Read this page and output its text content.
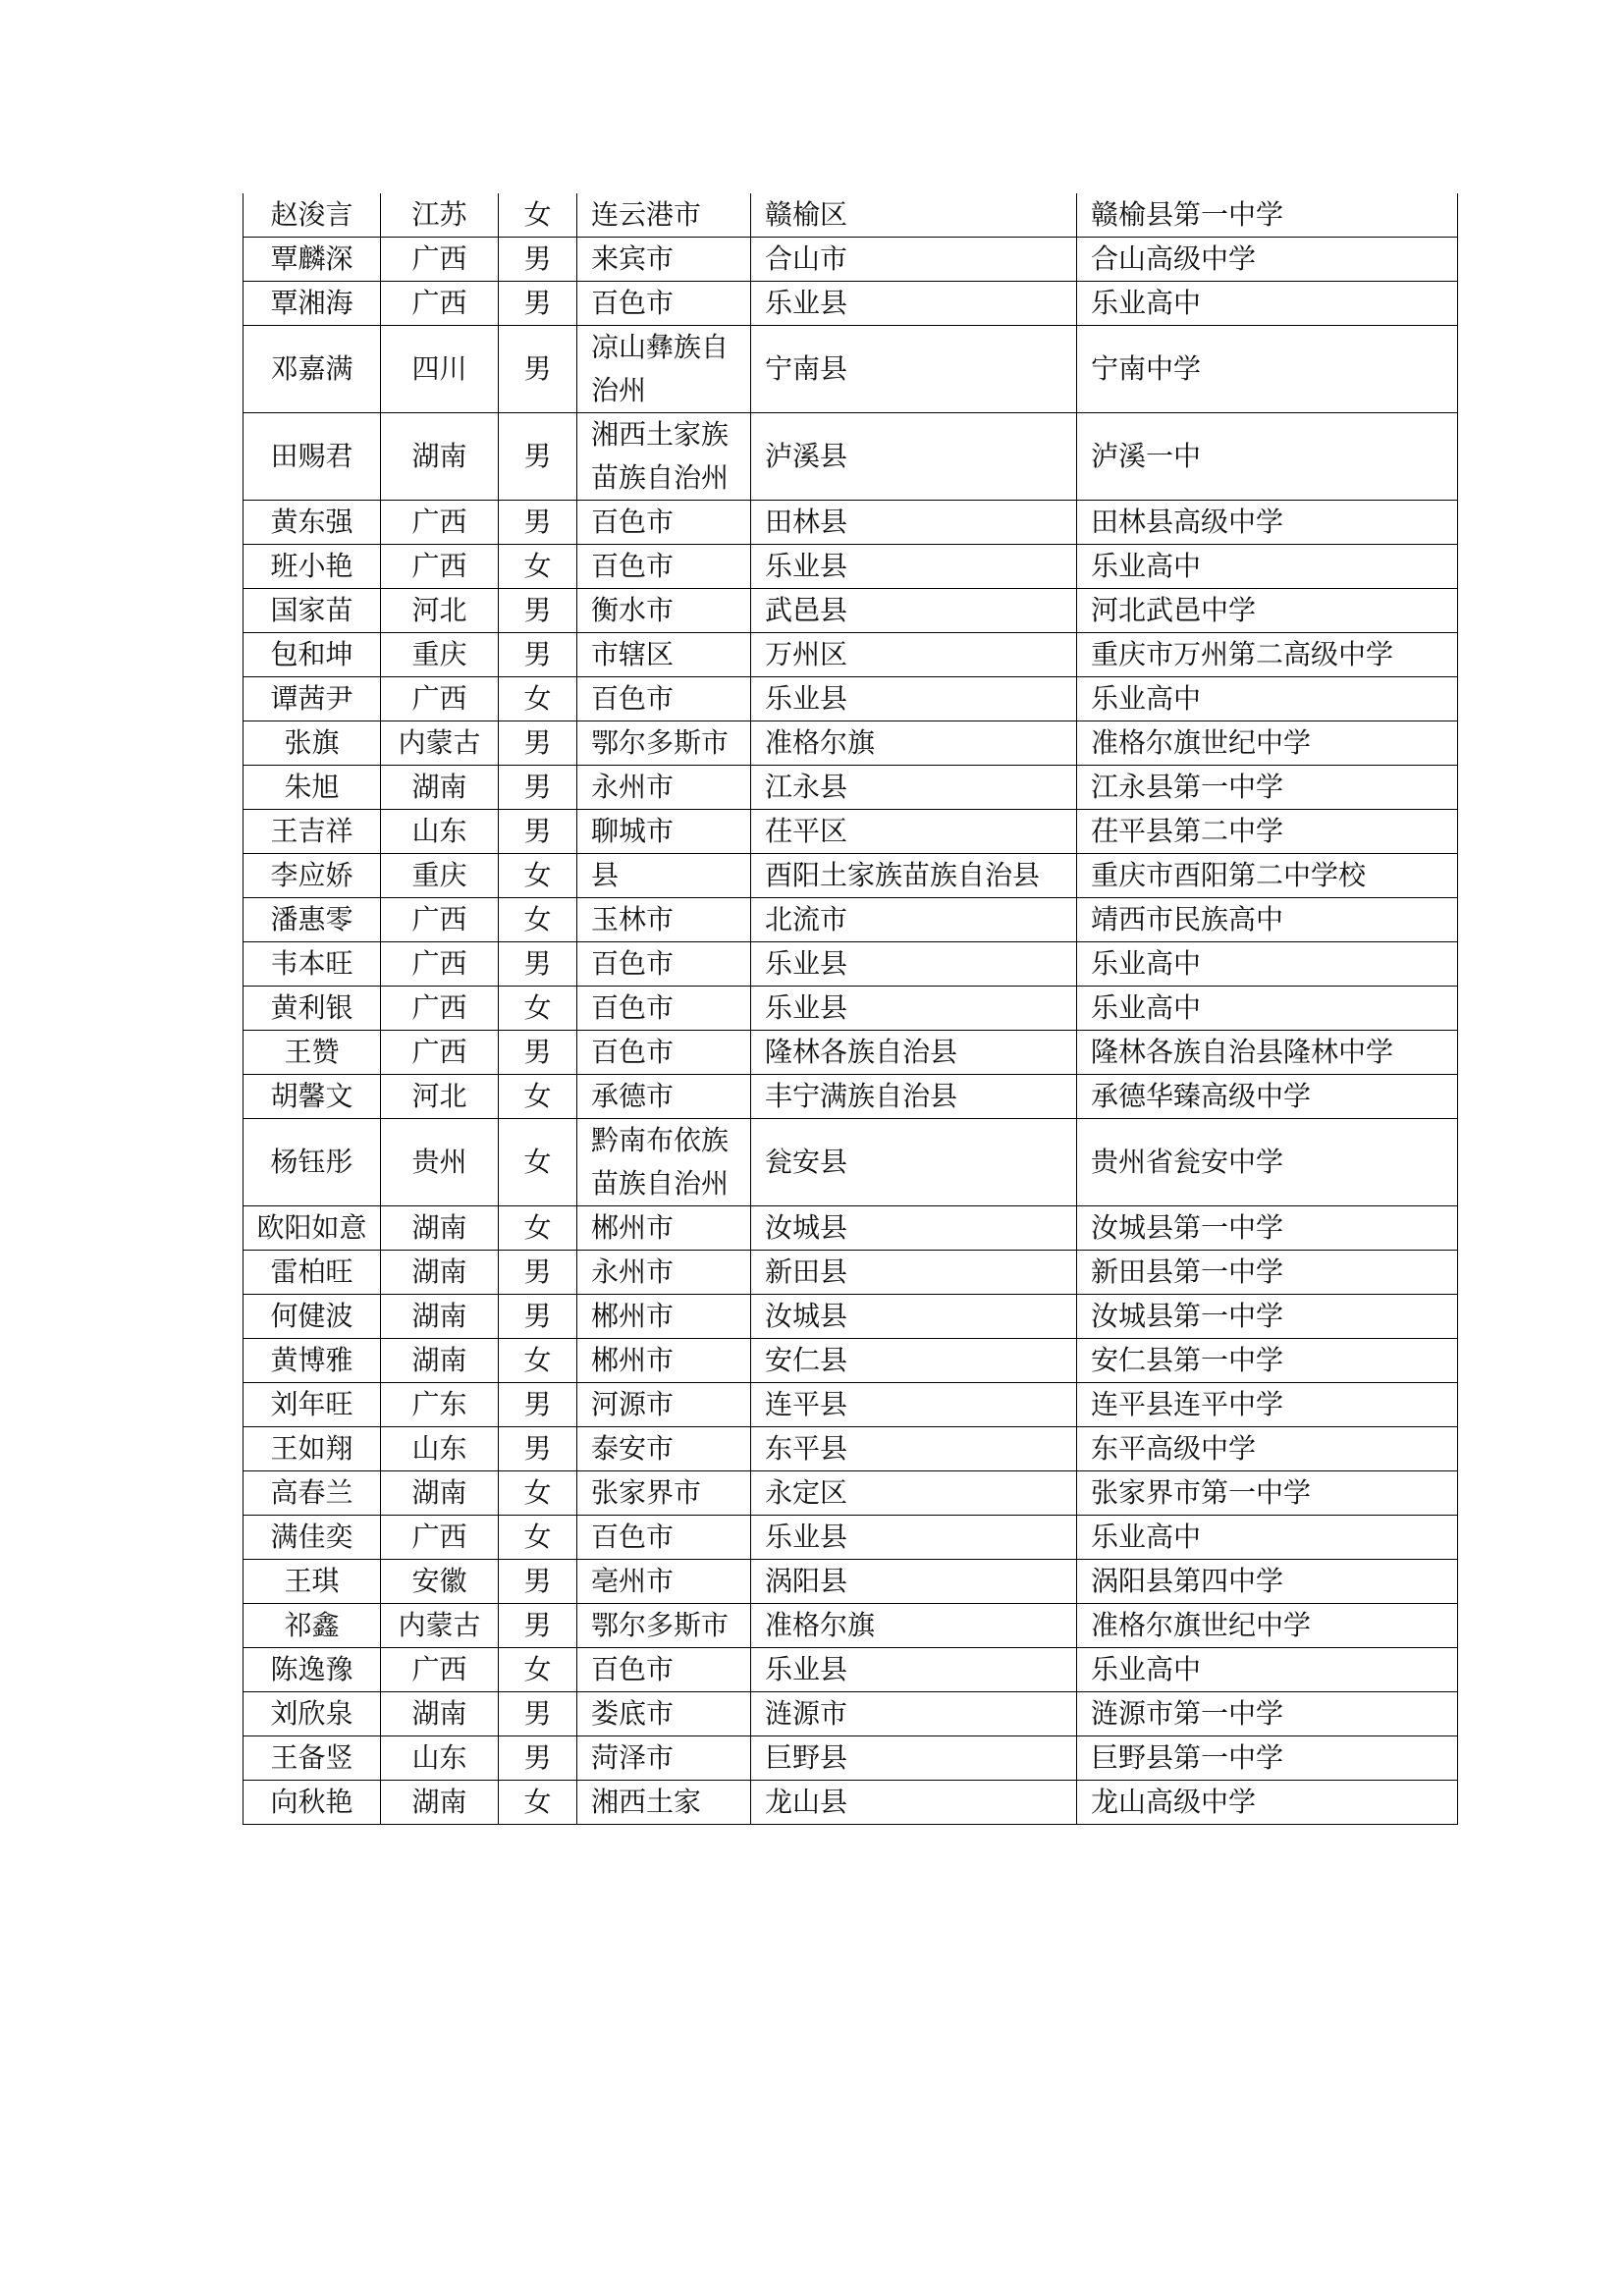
赵浚言	江苏	女	连云港市	赣榆区	赣榆县第一中学
覃麟深	广西	男	来宾市	合山市	合山高级中学
覃湘海	广西	男	百色市	乐业县	乐业高中
邓嘉满	四川	男	凉山彝族自治州	宁南县	宁南中学
田赐君	湖南	男	湘西土家族苗族自治州	泸溪县	泸溪一中
黄东强	广西	男	百色市	田林县	田林县高级中学
班小艳	广西	女	百色市	乐业县	乐业高中
国家苗	河北	男	衡水市	武邑县	河北武邑中学
包和坤	重庆	男	市辖区	万州区	重庆市万州第二高级中学
谭茜尹	广西	女	百色市	乐业县	乐业高中
张旗	内蒙古	男	鄂尔多斯市	准格尔旗	准格尔旗世纪中学
朱旭	湖南	男	永州市	江永县	江永县第一中学
王吉祥	山东	男	聊城市	茌平区	茌平县第二中学
李应娇	重庆	女	县	酉阳土家族苗族自治县	重庆市酉阳第二中学校
潘惠零	广西	女	玉林市	北流市	靖西市民族高中
韦本旺	广西	男	百色市	乐业县	乐业高中
黄利银	广西	女	百色市	乐业县	乐业高中
王赞	广西	男	百色市	隆林各族自治县	隆林各族自治县隆林中学
胡馨文	河北	女	承德市	丰宁满族自治县	承德华臻高级中学
杨钰彤	贵州	女	黔南布依族苗族自治州	瓮安县	贵州省瓮安中学
欧阳如意	湖南	女	郴州市	汝城县	汝城县第一中学
雷柏旺	湖南	男	永州市	新田县	新田县第一中学
何健波	湖南	男	郴州市	汝城县	汝城县第一中学
黄博雅	湖南	女	郴州市	安仁县	安仁县第一中学
刘年旺	广东	男	河源市	连平县	连平县连平中学
王如翔	山东	男	泰安市	东平县	东平高级中学
高春兰	湖南	女	张家界市	永定区	张家界市第一中学
满佳奕	广西	女	百色市	乐业县	乐业高中
王琪	安徽	男	亳州市	涡阳县	涡阳县第四中学
祁鑫	内蒙古	男	鄂尔多斯市	准格尔旗	准格尔旗世纪中学
陈逸豫	广西	女	百色市	乐业县	乐业高中
刘欣泉	湖南	男	娄底市	涟源市	涟源市第一中学
王备竖	山东	男	菏泽市	巨野县	巨野县第一中学
向秋艳	湖南	女	湘西土家	龙山县	龙山高级中学
